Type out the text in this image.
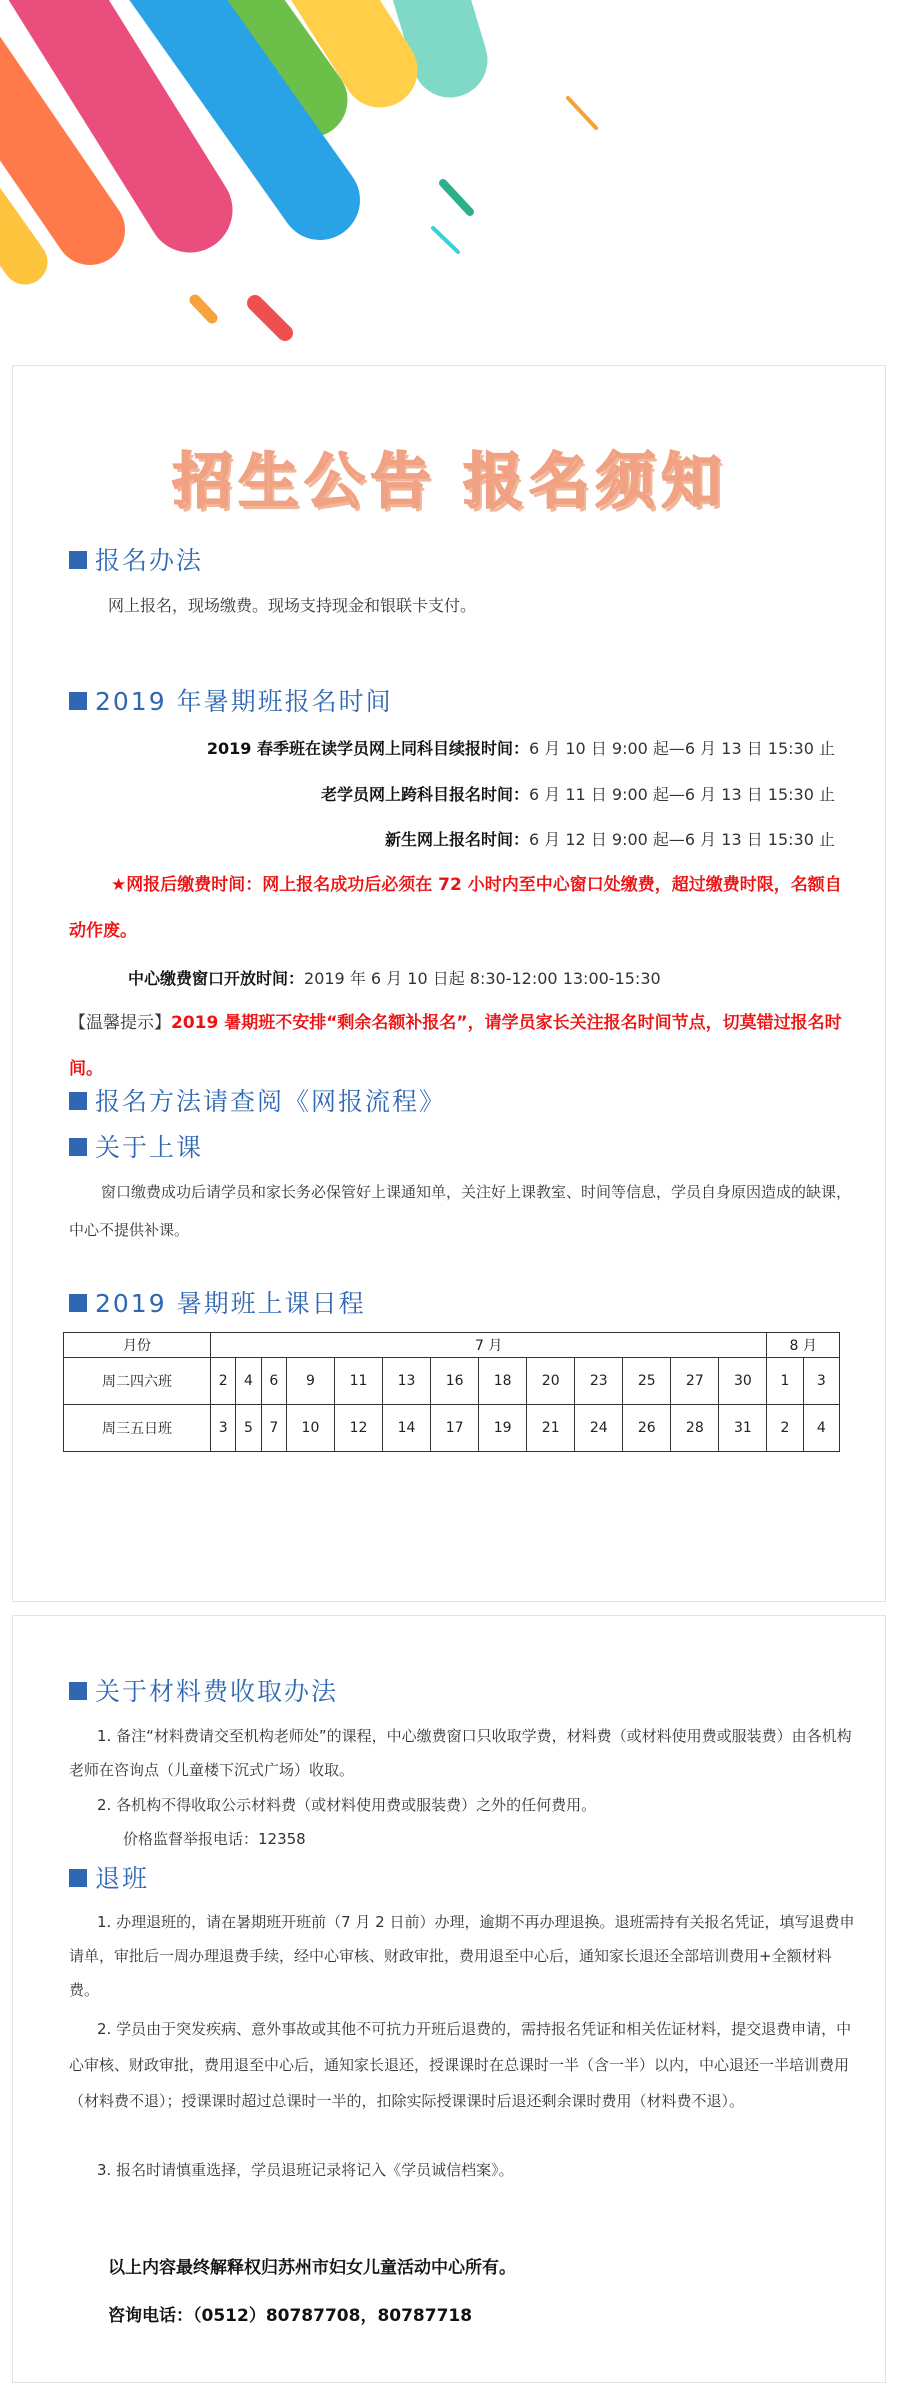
招生公告 报名须知
报名办法
网上报名，现场缴费。现场支持现金和银联卡支付。
2019 年暑期班报名时间
2019 春季班在读学员网上同科目续报时间：6 月 10 日 9:00 起—6 月 13 日 15:30 止
老学员网上跨科目报名时间：6 月 11 日 9:00 起—6 月 13 日 15:30 止
新生网上报名时间：6 月 12 日 9:00 起—6 月 13 日 15:30 止
★网报后缴费时间：网上报名成功后必须在 72 小时内至中心窗口处缴费，超过缴费时限，名额自动作废。
中心缴费窗口开放时间：2019 年 6 月 10 日起 8:30-12:00 13:00-15:30
【温馨提示】2019 暑期班不安排“剩余名额补报名”，请学员家长关注报名时间节点，切莫错过报名时间。
报名方法请查阅《网报流程》
关于上课
窗口缴费成功后请学员和家长务必保管好上课通知单，关注好上课教室、时间等信息，学员自身原因造成的缺课，中心不提供补课。
2019 暑期班上课日程
月份	7 月													8 月	
周二四六班	2	4	6	9	11	13	16	18	20	23	25	27	30	1	3
周三五日班	3	5	7	10	12	14	17	19	21	24	26	28	31	2	4
关于材料费收取办法
1. 备注“材料费请交至机构老师处”的课程，中心缴费窗口只收取学费，材料费（或材料使用费或服装费）由各机构老师在咨询点（儿童楼下沉式广场）收取。
2. 各机构不得收取公示材料费（或材料使用费或服装费）之外的任何费用。
价格监督举报电话：12358
退班
1. 办理退班的，请在暑期班开班前（7 月 2 日前）办理，逾期不再办理退换。退班需持有关报名凭证，填写退费申请单，审批后一周办理退费手续，经中心审核、财政审批，费用退至中心后，通知家长退还全部培训费用+全额材料费。
2. 学员由于突发疾病、意外事故或其他不可抗力开班后退费的，需持报名凭证和相关佐证材料，提交退费申请，中心审核、财政审批，费用退至中心后，通知家长退还，授课课时在总课时一半（含一半）以内，中心退还一半培训费用（材料费不退）；授课课时超过总课时一半的，扣除实际授课课时后退还剩余课时费用（材料费不退）。
3. 报名时请慎重选择，学员退班记录将记入《学员诚信档案》。
以上内容最终解释权归苏州市妇女儿童活动中心所有。
咨询电话：（0512）80787708，80787718
